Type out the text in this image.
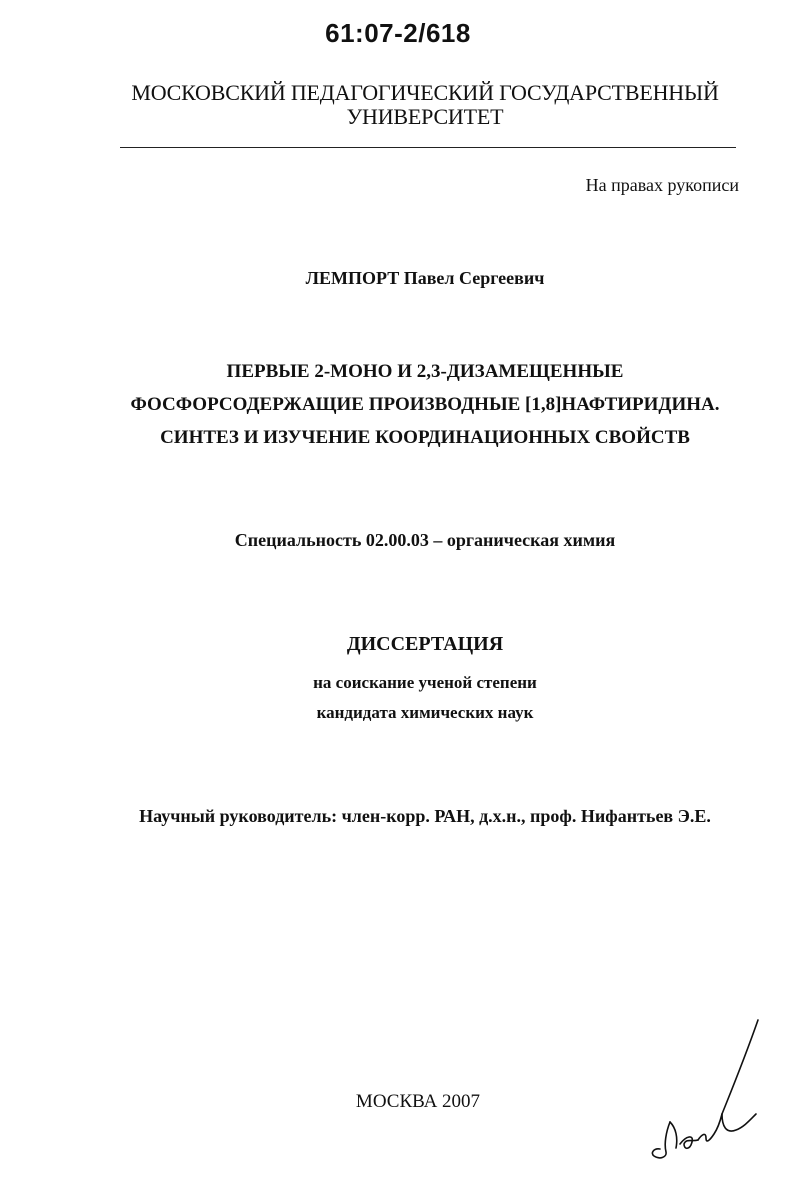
61:07-2/618
МОСКОВСКИЙ ПЕДАГОГИЧЕСКИЙ ГОСУДАРСТВЕННЫЙ
УНИВЕРСИТЕТ
На правах рукописи
ЛЕМПОРТ Павел Сергеевич
ПЕРВЫЕ 2-МОНО И 2,3-ДИЗАМЕЩЕННЫЕ
ФОСФОРСОДЕРЖАЩИЕ ПРОИЗВОДНЫЕ [1,8]НАФТИРИДИНА.
СИНТЕЗ И ИЗУЧЕНИЕ КООРДИНАЦИОННЫХ СВОЙСТВ
Специальность 02.00.03 – органическая химия
ДИССЕРТАЦИЯ
на соискание ученой степени
кандидата химических наук
Научный руководитель: член-корр. РАН, д.х.н., проф. Нифантьев Э.Е.
МОСКВА 2007
